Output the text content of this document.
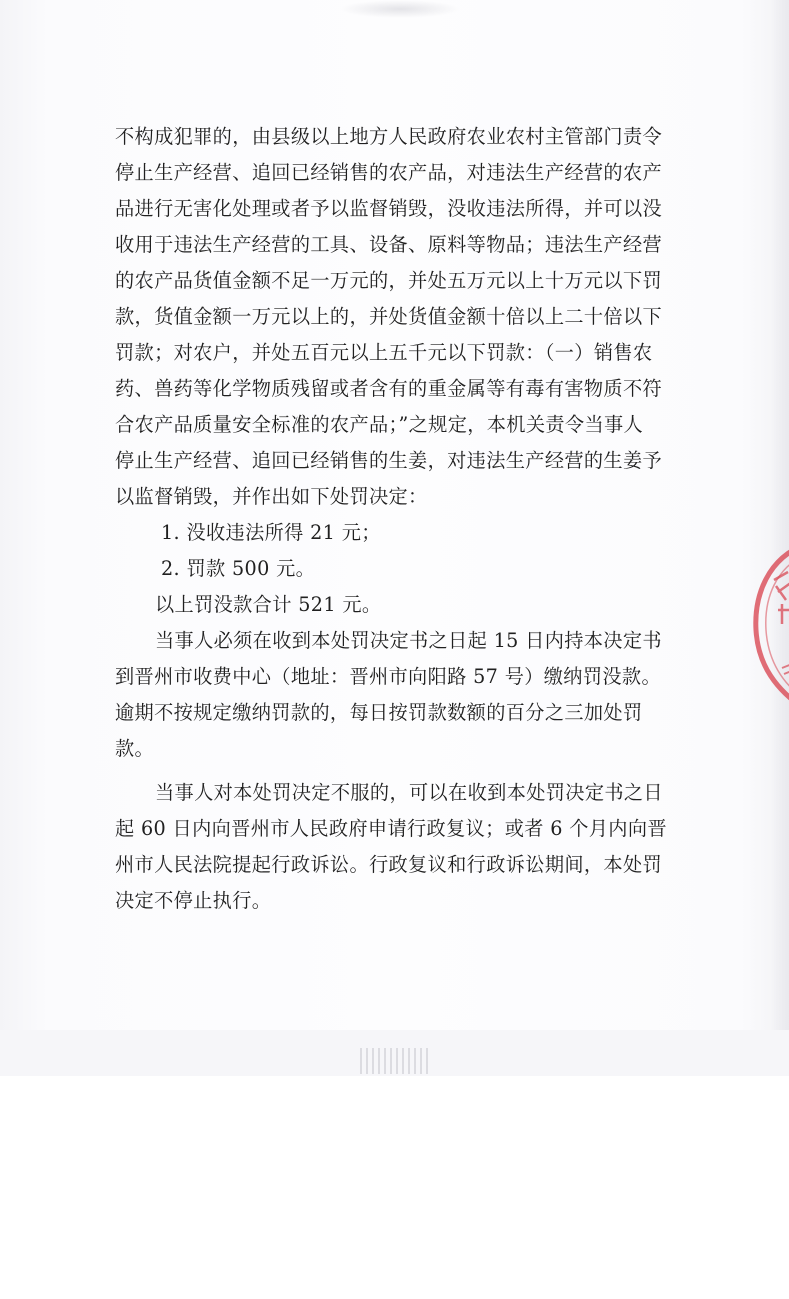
不构成犯罪的，由县级以上地方人民政府农业农村主管部门责令
停止生产经营、追回已经销售的农产品，对违法生产经营的农产
品进行无害化处理或者予以监督销毁，没收违法所得，并可以没
收用于违法生产经营的工具、设备、原料等物品；违法生产经营
的农产品货值金额不足一万元的，并处五万元以上十万元以下罚
款，货值金额一万元以上的，并处货值金额十倍以上二十倍以下
罚款；对农户，并处五百元以上五千元以下罚款：（一）销售农
药、兽药等化学物质残留或者含有的重金属等有毒有害物质不符
合农产品质量安全标准的农产品；”之规定，本机关责令当事人
停止生产经营、追回已经销售的生姜，对违法生产经营的生姜予
以监督销毁，并作出如下处罚决定：
1. 没收违法所得 21 元；
2. 罚款 500 元。
以上罚没款合计 521 元。
当事人必须在收到本处罚决定书之日起 15 日内持本决定书
到晋州市收费中心（地址：晋州市向阳路 57 号）缴纳罚没款。
逾期不按规定缴纳罚款的，每日按罚款数额的百分之三加处罚
款。
当事人对本处罚决定不服的，可以在收到本处罚决定书之日
起 60 日内向晋州市人民政府申请行政复议；或者 6 个月内向晋
州市人民法院提起行政诉讼。行政复议和行政诉讼期间，本处罚
决定不停止执行。
